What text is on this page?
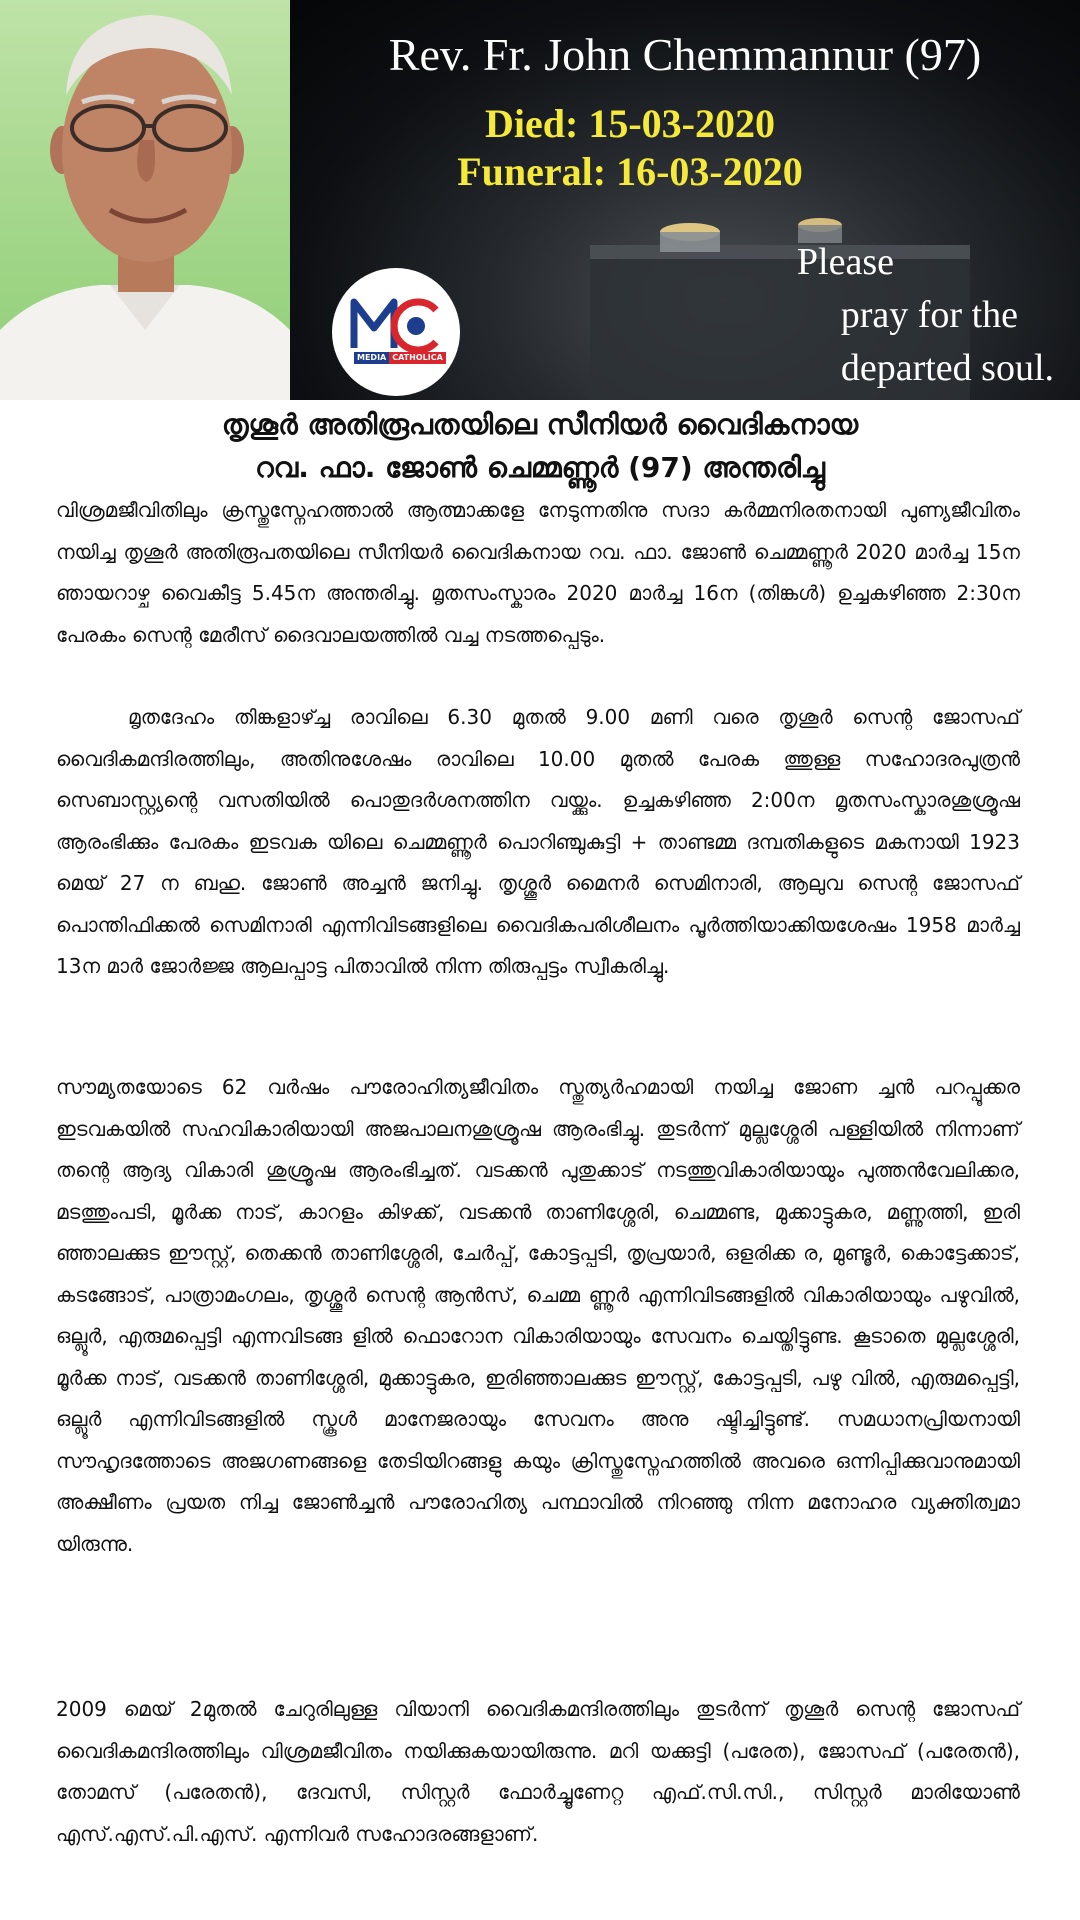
Rev. Fr. John Chemmannur (97)
Died: 15-03-2020
Funeral: 16-03-2020
Please
pray for the
departed soul.
MEDIA CATHOLICA
തൃശൂർ അതിരൂപതയിലെ സീനിയർ വൈദികനായ
റവ. ഫാ. ജോൺ ചെമ്മണ്ണൂർ (97) അന്തരിച്ചു
വിശ്രമജീവിതിലും ക്രസ്തുസ്നേഹത്താൽ ആത്മാക്കളേ നേടുന്നതിനു സദാ കർമ്മനിരതനായി പുണ്യജീവിതം നയിച്ച തൃശൂർ അതിരൂപതയിലെ സീനിയർ വൈദികനായ റവ. ഫാ. ജോൺ ചെമ്മണ്ണൂർ 2020 മാർച്ച 15ന ഞായറാഴ്ച വൈകീട്ട 5.45ന അന്തരിച്ചു. മൃതസംസ്കാരം 2020 മാർച്ച 16ന (തിങ്കൾ) ഉച്ചകഴിഞ്ഞ 2:30ന പേരകം സെന്റ മേരീസ് ദൈവാലയത്തിൽ വച്ച നടത്തപ്പെടും.
മൃതദേഹം തിങ്കളാഴ്ച്ച രാവിലെ 6.30 മുതൽ 9.00 മണി വരെ തൃശൂർ സെന്റ ജോസഫ് വൈദികമന്ദിരത്തിലും, അതിനുശേഷം രാവിലെ 10.00 മുതൽ പേരക ത്തുള്ള സഹോദരപുത്രൻ സെബാസ്റ്റ്യന്റെ വസതിയിൽ പൊതുദർശനത്തിന വയ്ക്കും. ഉച്ചകഴിഞ്ഞ 2:00ന മൃതസംസ്കാരശുശ്രൂഷ ആരംഭിക്കും പേരകം ഇടവക യിലെ ചെമ്മണ്ണൂർ പൊറിഞ്ചുകുട്ടി + താണ്ടമ്മ ദമ്പതികളുടെ മകനായി 1923 മെയ് 27 ന ബഹു. ജോൺ അച്ചൻ ജനിച്ചു. തൃശ്ശൂർ മൈനർ സെമിനാരി, ആലുവ സെന്റ ജോസഫ് പൊന്തിഫിക്കൽ സെമിനാരി എന്നിവിടങ്ങളിലെ വൈദികപരിശീലനം പൂർത്തിയാക്കിയശേഷം 1958 മാർച്ച 13ന മാർ ജോർജ്ജ ആലപ്പാട്ട പിതാവിൽ നിന്ന തിരുപ്പട്ടം സ്വീകരിച്ചു.
സൗമ്യതയോടെ 62 വർഷം പൗരോഹിത്യജീവിതം സ്തുത്യർഹമായി നയിച്ച ജോണ ച്ചൻ പറപ്പൂക്കര ഇടവകയിൽ സഹവികാരിയായി അജപാലനശുശ്രൂഷ ആരംഭിച്ചു. തുടർന്ന് മുല്ലശ്ശേരി പള്ളിയിൽ നിന്നാണ് തന്റെ ആദ്യ വികാരി ശുശ്രൂഷ ആരംഭിച്ചത്. വടക്കൻ പുതുക്കാട് നടത്തുവികാരിയായും പുത്തൻവേലിക്കര, മടത്തുംപടി, മൂർക്ക നാട്, കാറളം കിഴക്ക്, വടക്കൻ താണിശ്ശേരി, ചെമ്മണ്ട, മുക്കാട്ടുകര, മണ്ണുത്തി, ഇരി ഞ്ഞാലക്കുട ഈസ്റ്റ്, തെക്കൻ താണിശ്ശേരി, ചേർപ്പ്, കോട്ടപ്പടി, തൃപ്രയാർ, ഒളരിക്ക ര, മുണ്ടൂർ, കൊട്ടേക്കാട്, കടങ്ങോട്, പാത്രാമംഗലം, തൃശ്ശൂർ സെന്റ ആൻസ്, ചെമ്മ ണ്ണൂർ എന്നിവിടങ്ങളിൽ വികാരിയായും പഴുവിൽ, ഒല്ലൂർ, എരുമപ്പെട്ടി എന്നവിടങ്ങ ളിൽ ഫൊറോന വികാരിയായും സേവനം ചെയ്തിട്ടുണ്ട. കൂടാതെ മുല്ലശ്ശേരി, മൂർക്ക നാട്, വടക്കൻ താണിശ്ശേരി, മുക്കാട്ടുകര, ഇരിഞ്ഞാലക്കുട ഈസ്റ്റ്, കോട്ടപ്പടി, പഴു വിൽ, എരുമപ്പെട്ടി, ഒല്ലൂർ എന്നിവിടങ്ങളിൽ സ്കൂൾ മാനേജരായും സേവനം അനു ഷ്ടിച്ചിട്ടുണ്ട്. സമധാനപ്രിയനായി സൗഹൃദത്തോടെ അജഗണങ്ങളെ തേടിയിറങ്ങളു കയും ക്രിസ്തുസ്നേഹത്തിൽ അവരെ ഒന്നിപ്പിക്കുവാനുമായി അക്ഷീണം പ്രയത നിച്ച ജോൺച്ചൻ പൗരോഹിത്യ പന്ഥാവിൽ നിറഞ്ഞു നിന്ന മനോഹര വ്യക്തിത്വമാ യിരുന്നു.
2009 മെയ് 2മുതൽ ചേറുരിലുള്ള വിയാനി വൈദികമന്ദിരത്തിലും തുടർന്ന് തൃശൂർ സെന്റ ജോസഫ് വൈദികമന്ദിരത്തിലും വിശ്രമജീവിതം നയിക്കുകയായിരുന്നു. മറി യക്കുട്ടി (പരേത), ജോസഫ് (പരേതൻ), തോമസ് (പരേതൻ), ദേവസി, സിസ്റ്റർ ഫോർച്ചൂണേറ്റ എഫ്.സി.സി., സിസ്റ്റർ മാരിയോൺ എസ്.എസ്.പി.എസ്. എന്നിവർ സഹോദരങ്ങളാണ്.
